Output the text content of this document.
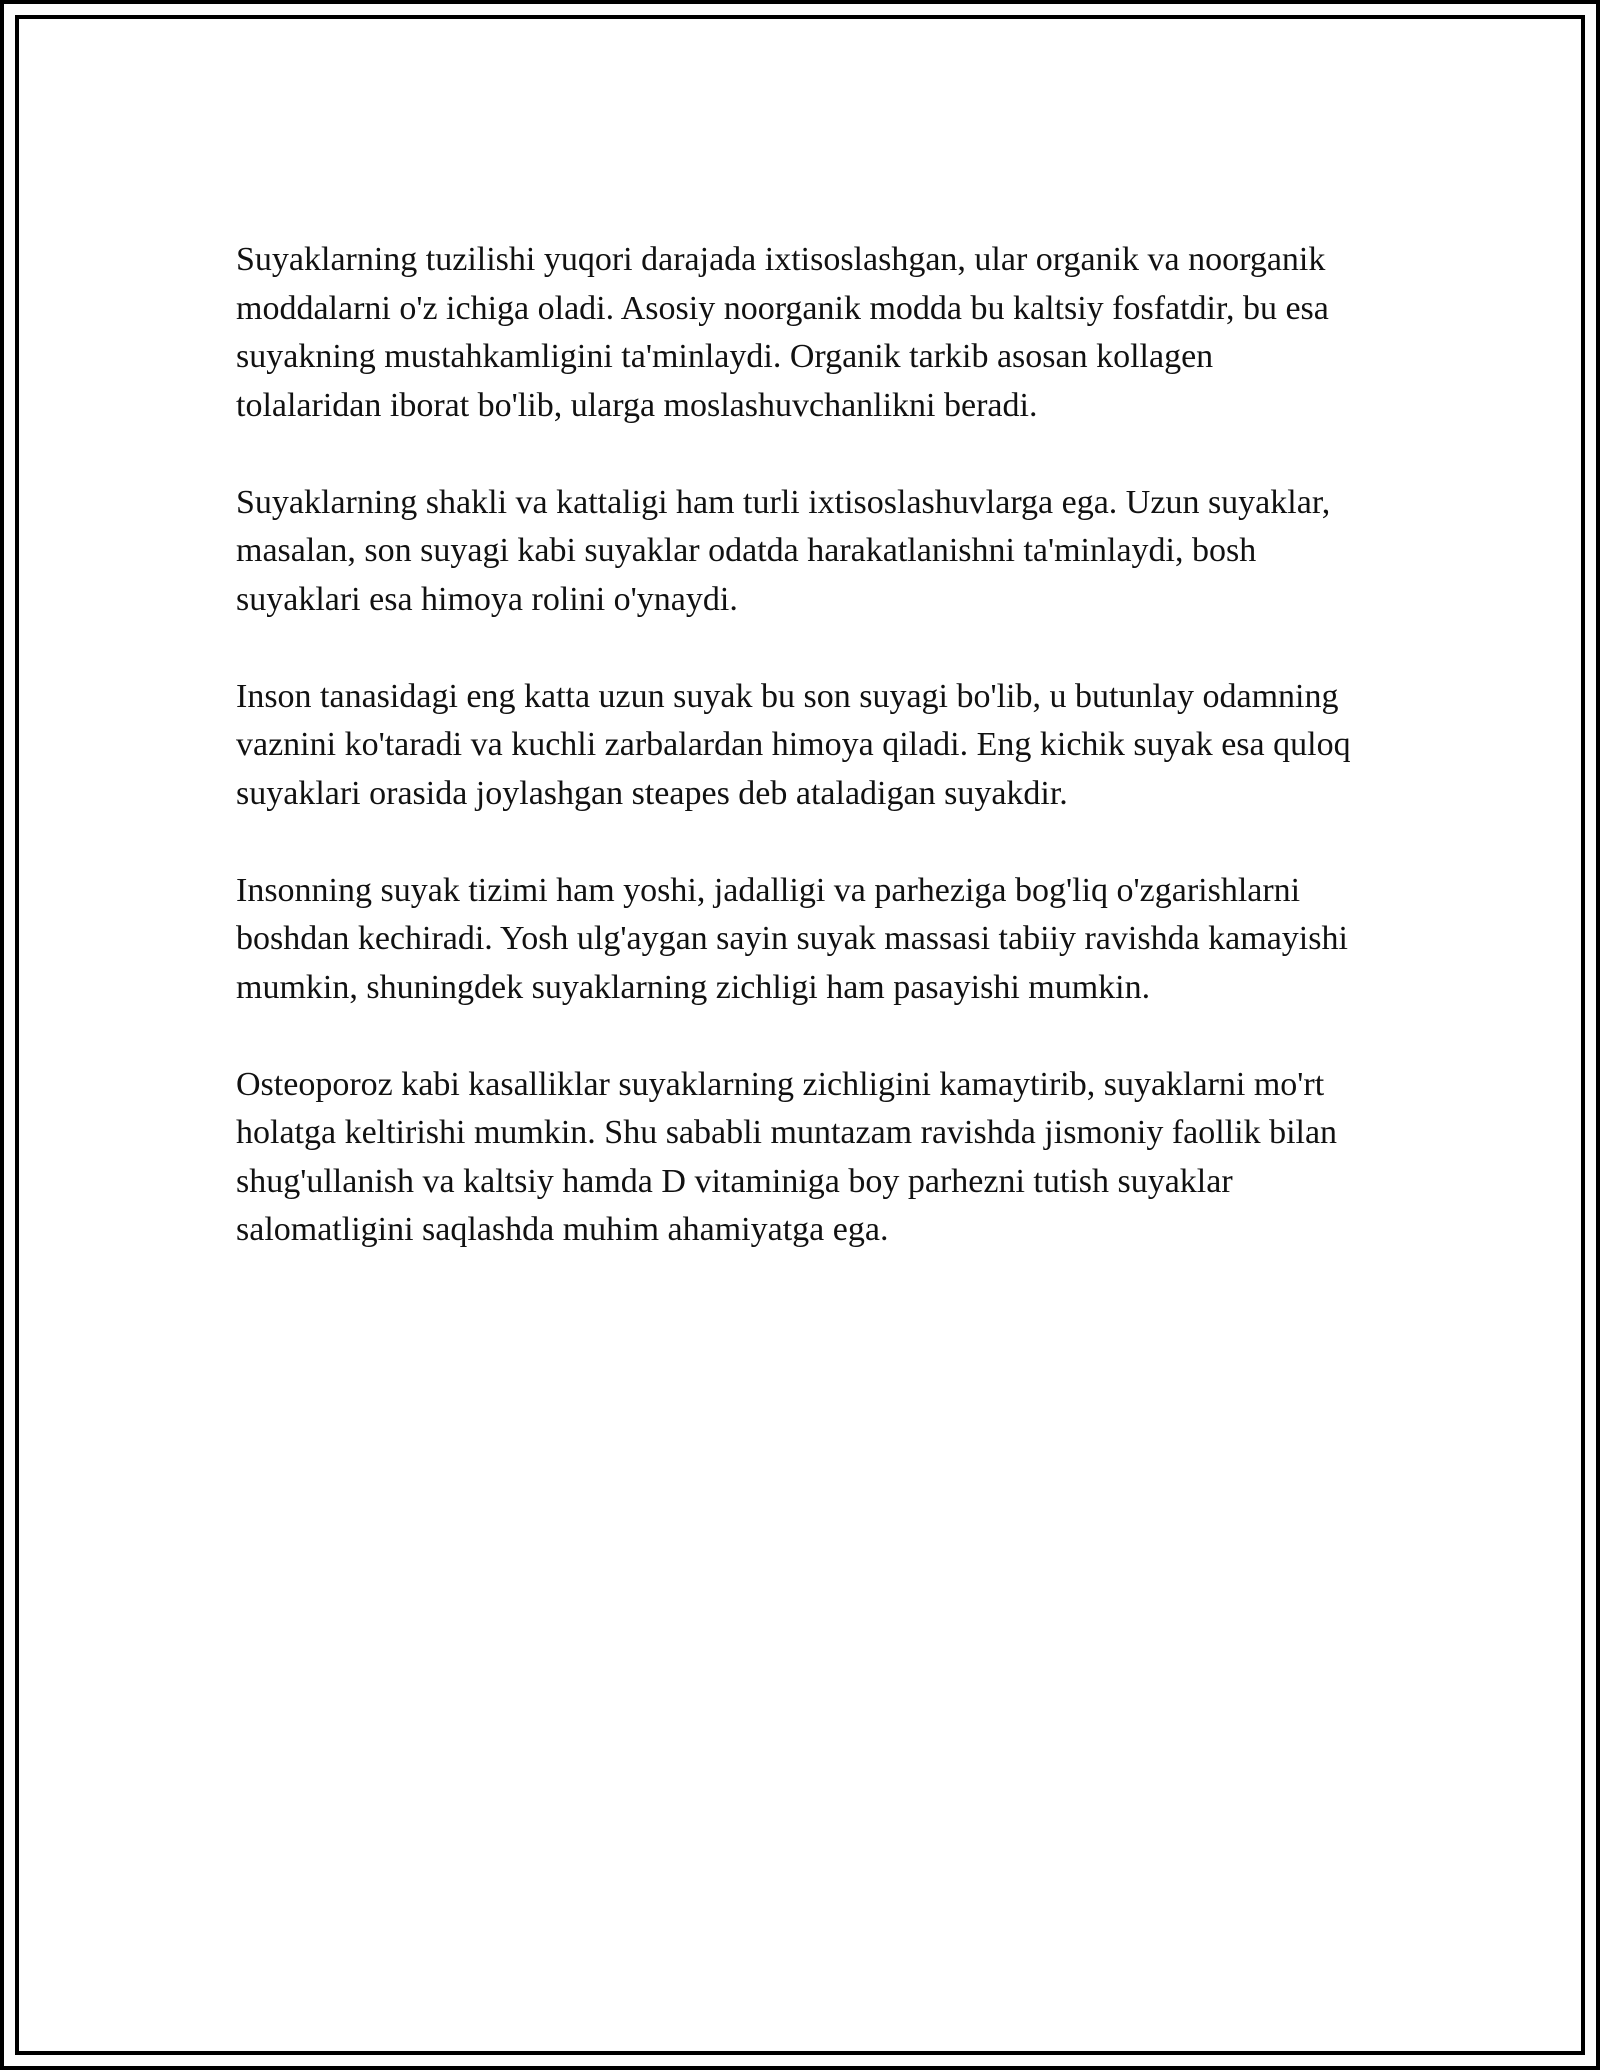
Suyaklarning tuzilishi yuqori darajada ixtisoslashgan, ular organik va noorganik moddalarni o'z ichiga oladi. Asosiy noorganik modda bu kaltsiy fosfatdir, bu esa suyakning mustahkamligini ta'minlaydi. Organik tarkib asosan kollagen tolalaridan iborat bo'lib, ularga moslashuvchanlikni beradi.

Suyaklarning shakli va kattaligi ham turli ixtisoslashuvlarga ega. Uzun suyaklar, masalan, son suyagi kabi suyaklar odatda harakatlanishni ta'minlaydi, bosh suyaklari esa himoya rolini o'ynaydi.

Inson tanasidagi eng katta uzun suyak bu son suyagi bo'lib, u butunlay odamning vaznini ko'taradi va kuchli zarbalardan himoya qiladi. Eng kichik suyak esa quloq suyaklari orasida joylashgan steapes deb ataladigan suyakdir.

Insonning suyak tizimi ham yoshi, jadalligi va parheziga bog'liq o'zgarishlarni boshdan kechiradi. Yosh ulg'aygan sayin suyak massasi tabiiy ravishda kamayishi mumkin, shuningdek suyaklarning zichligi ham pasayishi mumkin.

Osteoporoz kabi kasalliklar suyaklarning zichligini kamaytirib, suyaklarni mo'rt holatga keltirishi mumkin. Shu sababli muntazam ravishda jismoniy faollik bilan shug'ullanish va kaltsiy hamda D vitaminiga boy parhezni tutish suyaklar salomatligini saqlashda muhim ahamiyatga ega.
